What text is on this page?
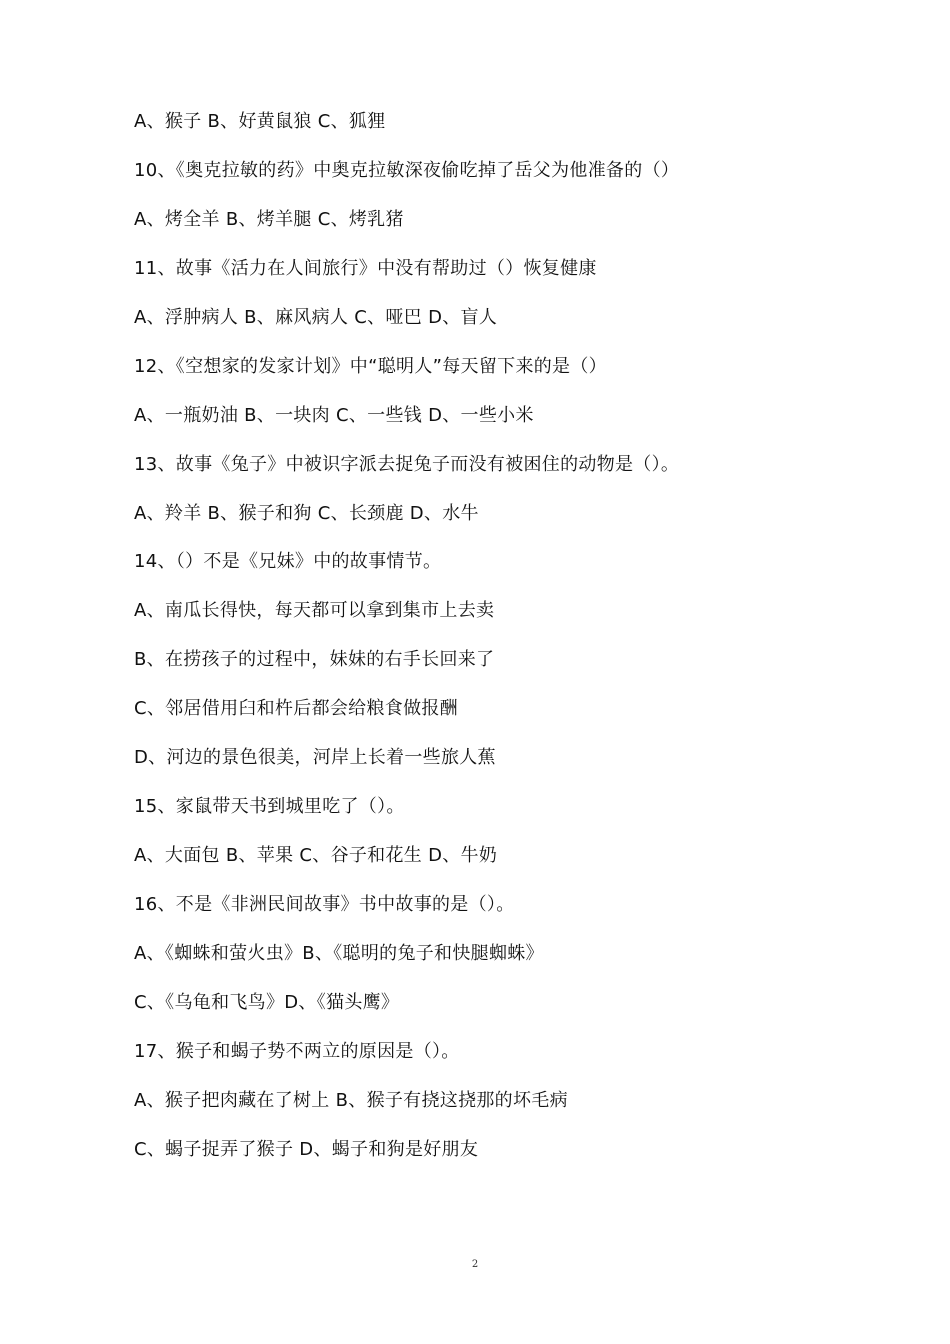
A、猴子 B、好黄鼠狼 C、狐狸
10、《奥克拉敏的药》中奥克拉敏深夜偷吃掉了岳父为他准备的（）
A、烤全羊 B、烤羊腿 C、烤乳猪
11、故事《活力在人间旅行》中没有帮助过（）恢复健康
A、浮肿病人 B、麻风病人 C、哑巴 D、盲人
12、《空想家的发家计划》中“聪明人”每天留下来的是（）
A、一瓶奶油 B、一块肉 C、一些钱 D、一些小米
13、故事《兔子》中被识字派去捉兔子而没有被困住的动物是（）。
A、羚羊 B、猴子和狗 C、长颈鹿 D、水牛
14、（）不是《兄妹》中的故事情节。
A、南瓜长得快，每天都可以拿到集市上去卖
B、在捞孩子的过程中，妹妹的右手长回来了
C、邻居借用臼和杵后都会给粮食做报酬
D、河边的景色很美，河岸上长着一些旅人蕉
15、家鼠带天书到城里吃了（）。
A、大面包 B、苹果 C、谷子和花生 D、牛奶
16、不是《非洲民间故事》书中故事的是（）。
A、《蜘蛛和萤火虫》B、《聪明的兔子和快腿蜘蛛》
C、《乌龟和飞鸟》D、《猫头鹰》
17、猴子和蝎子势不两立的原因是（）。
A、猴子把肉藏在了树上 B、猴子有挠这挠那的坏毛病
C、蝎子捉弄了猴子 D、蝎子和狗是好朋友
2
